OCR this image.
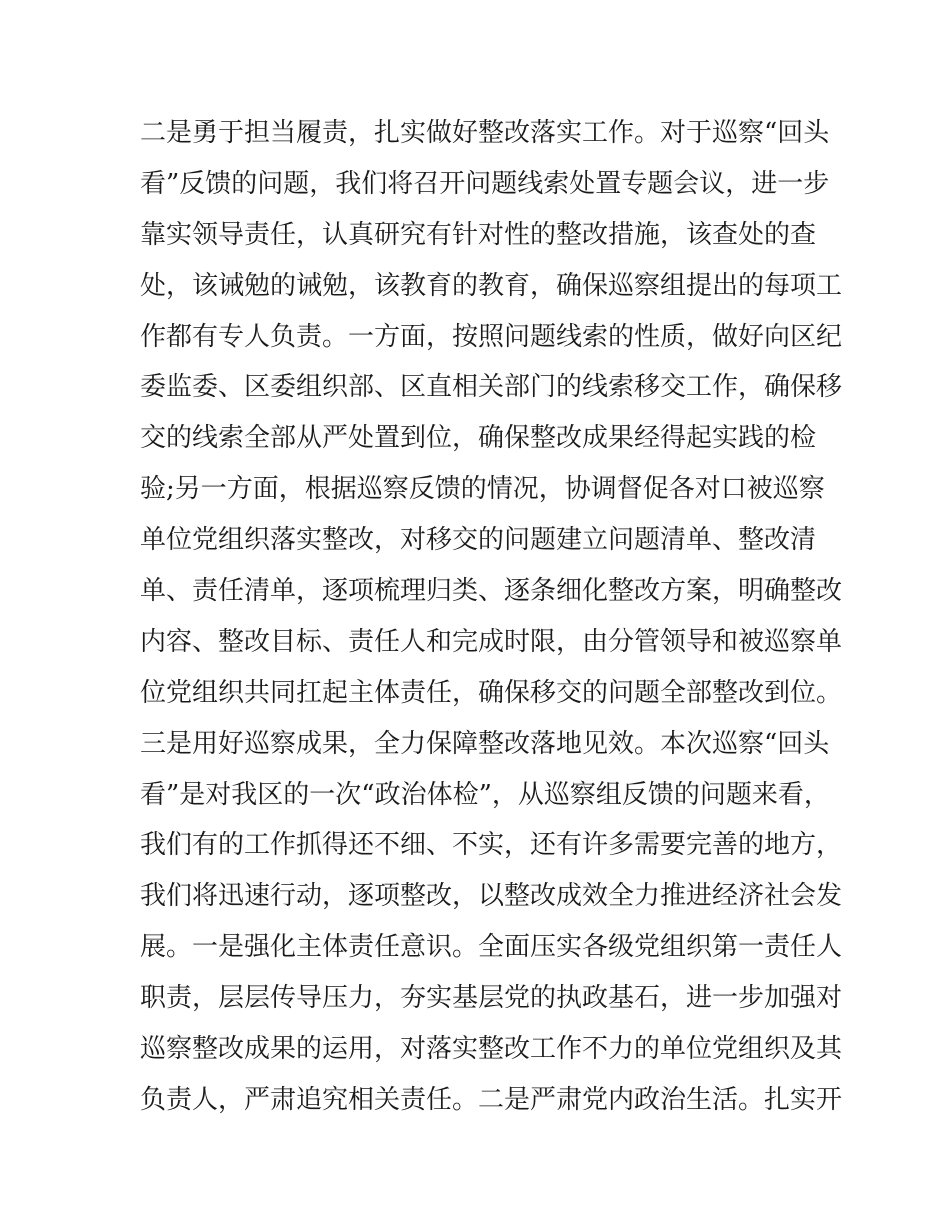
二是勇于担当履责，扎实做好整改落实工作。对于巡察“回头
看”反馈的问题，我们将召开问题线索处置专题会议，进一步
靠实领导责任，认真研究有针对性的整改措施，该查处的查
处，该诫勉的诫勉，该教育的教育，确保巡察组提出的每项工
作都有专人负责。一方面，按照问题线索的性质，做好向区纪
委监委、区委组织部、区直相关部门的线索移交工作，确保移
交的线索全部从严处置到位，确保整改成果经得起实践的检
验;另一方面，根据巡察反馈的情况，协调督促各对口被巡察
单位党组织落实整改，对移交的问题建立问题清单、整改清
单、责任清单，逐项梳理归类、逐条细化整改方案，明确整改
内容、整改目标、责任人和完成时限，由分管领导和被巡察单
位党组织共同扛起主体责任，确保移交的问题全部整改到位。
三是用好巡察成果，全力保障整改落地见效。本次巡察“回头
看”是对我区的一次“政治体检”，从巡察组反馈的问题来看，
我们有的工作抓得还不细、不实，还有许多需要完善的地方，
我们将迅速行动，逐项整改，以整改成效全力推进经济社会发
展。一是强化主体责任意识。全面压实各级党组织第一责任人
职责，层层传导压力，夯实基层党的执政基石，进一步加强对
巡察整改成果的运用，对落实整改工作不力的单位党组织及其
负责人，严肃追究相关责任。二是严肃党内政治生活。扎实开
